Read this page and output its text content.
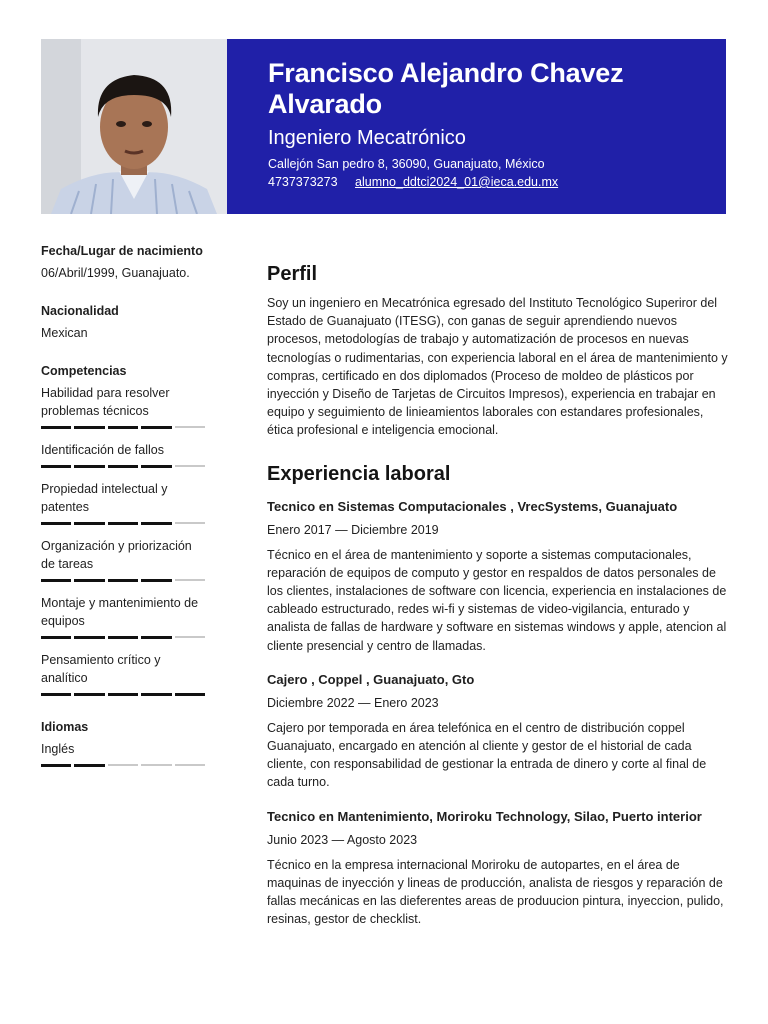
Francisco Alejandro Chavez Alvarado
Ingeniero Mecatrónico
Callejón San pedro 8, 36090, Guanajuato, México
4737373273 alumno_ddtci2024_01@ieca.edu.mx
Fecha/Lugar de nacimiento
06/Abril/1999, Guanajuato.
Nacionalidad
Mexican
Competencias
Habilidad para resolver problemas técnicos
Identificación de fallos
Propiedad intelectual y patentes
Organización y priorización de tareas
Montaje y mantenimiento de equipos
Pensamiento crítico y analítico
Idiomas
Inglés
Perfil
Soy un ingeniero en Mecatrónica egresado del Instituto Tecnológico Superiror del Estado de Guanajuato (ITESG), con ganas de seguir aprendiendo nuevos procesos, metodologías de trabajo y automatización de procesos en nuevas tecnologías o rudimentarias, con experiencia laboral en el área de mantenimiento y compras, certificado en dos diplomados (Proceso de moldeo de plásticos por inyección y Diseño de Tarjetas de Circuitos Impresos), experiencia en trabajar en equipo y seguimiento de linieamientos laborales con estandares profesionales, ética profesional e inteligencia emocional.
Experiencia laboral
Tecnico en Sistemas Computacionales , VrecSystems, Guanajuato
Enero 2017 — Diciembre 2019
Técnico en el área de mantenimiento y soporte a sistemas computacionales, reparación de equipos de computo y gestor en respaldos de datos personales de los clientes, instalaciones de software con licencia, experiencia en instalaciones de cableado estructurado, redes wi-fi y sistemas de video-vigilancia, enturado y analista de fallas de hardware y software en sistemas windows y apple, atencion al cliente presencial y centro de llamadas.
Cajero , Coppel , Guanajuato, Gto
Diciembre 2022 — Enero 2023
Cajero por temporada en área telefónica en el centro de distribución coppel Guanajuato, encargado en atención al cliente y gestor de el historial de cada cliente, con responsabilidad de gestionar la entrada de dinero y corte al final de cada turno.
Tecnico en Mantenimiento, Moriroku Technology, Silao, Puerto interior
Junio 2023 — Agosto 2023
Técnico en la empresa internacional Moriroku de autopartes, en el área de maquinas de inyección y lineas de producción, analista de riesgos y reparación de fallas mecánicas en las dieferentes areas de produucion pintura, inyeccion, pulido, resinas, gestor de checklist.
